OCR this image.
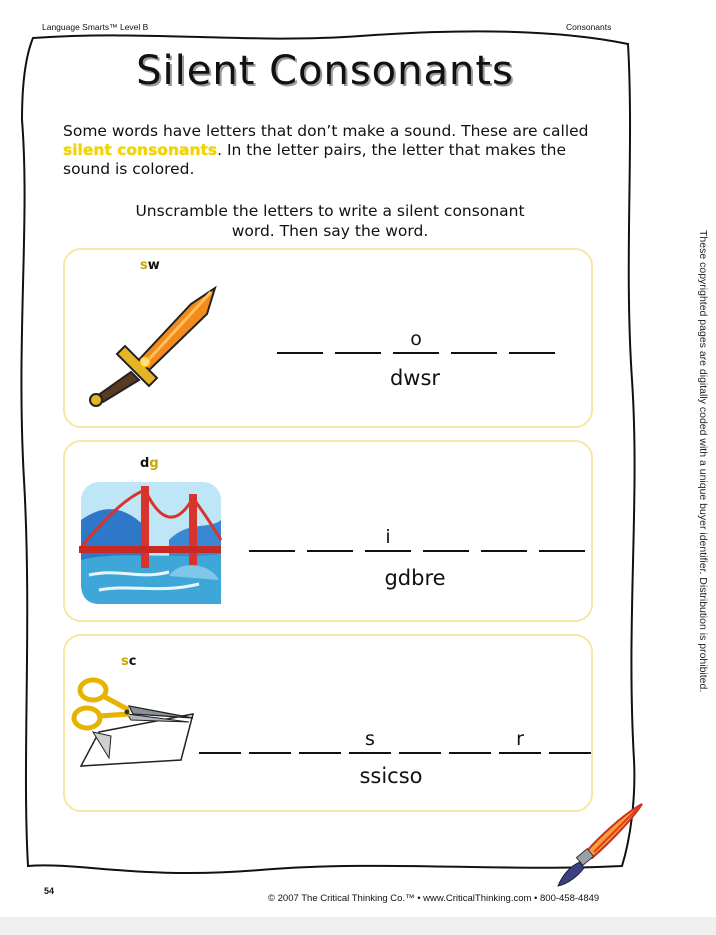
Language Smarts™ Level B	Consonants
Silent Consonants
Some words have letters that don’t make a sound. These are called silent consonants. In the letter pairs, the letter that makes the sound is colored.
Unscramble the letters to write a silent consonant word. Then say the word.
sw
o
dwsr
dg
i
gdbre
sc
s	r
ssicso
These copyrighted pages are digitally coded with a unique buyer identifier. Distribution is prohibited.
54
© 2007 The Critical Thinking Co.™ • www.CriticalThinking.com • 800-458-4849
